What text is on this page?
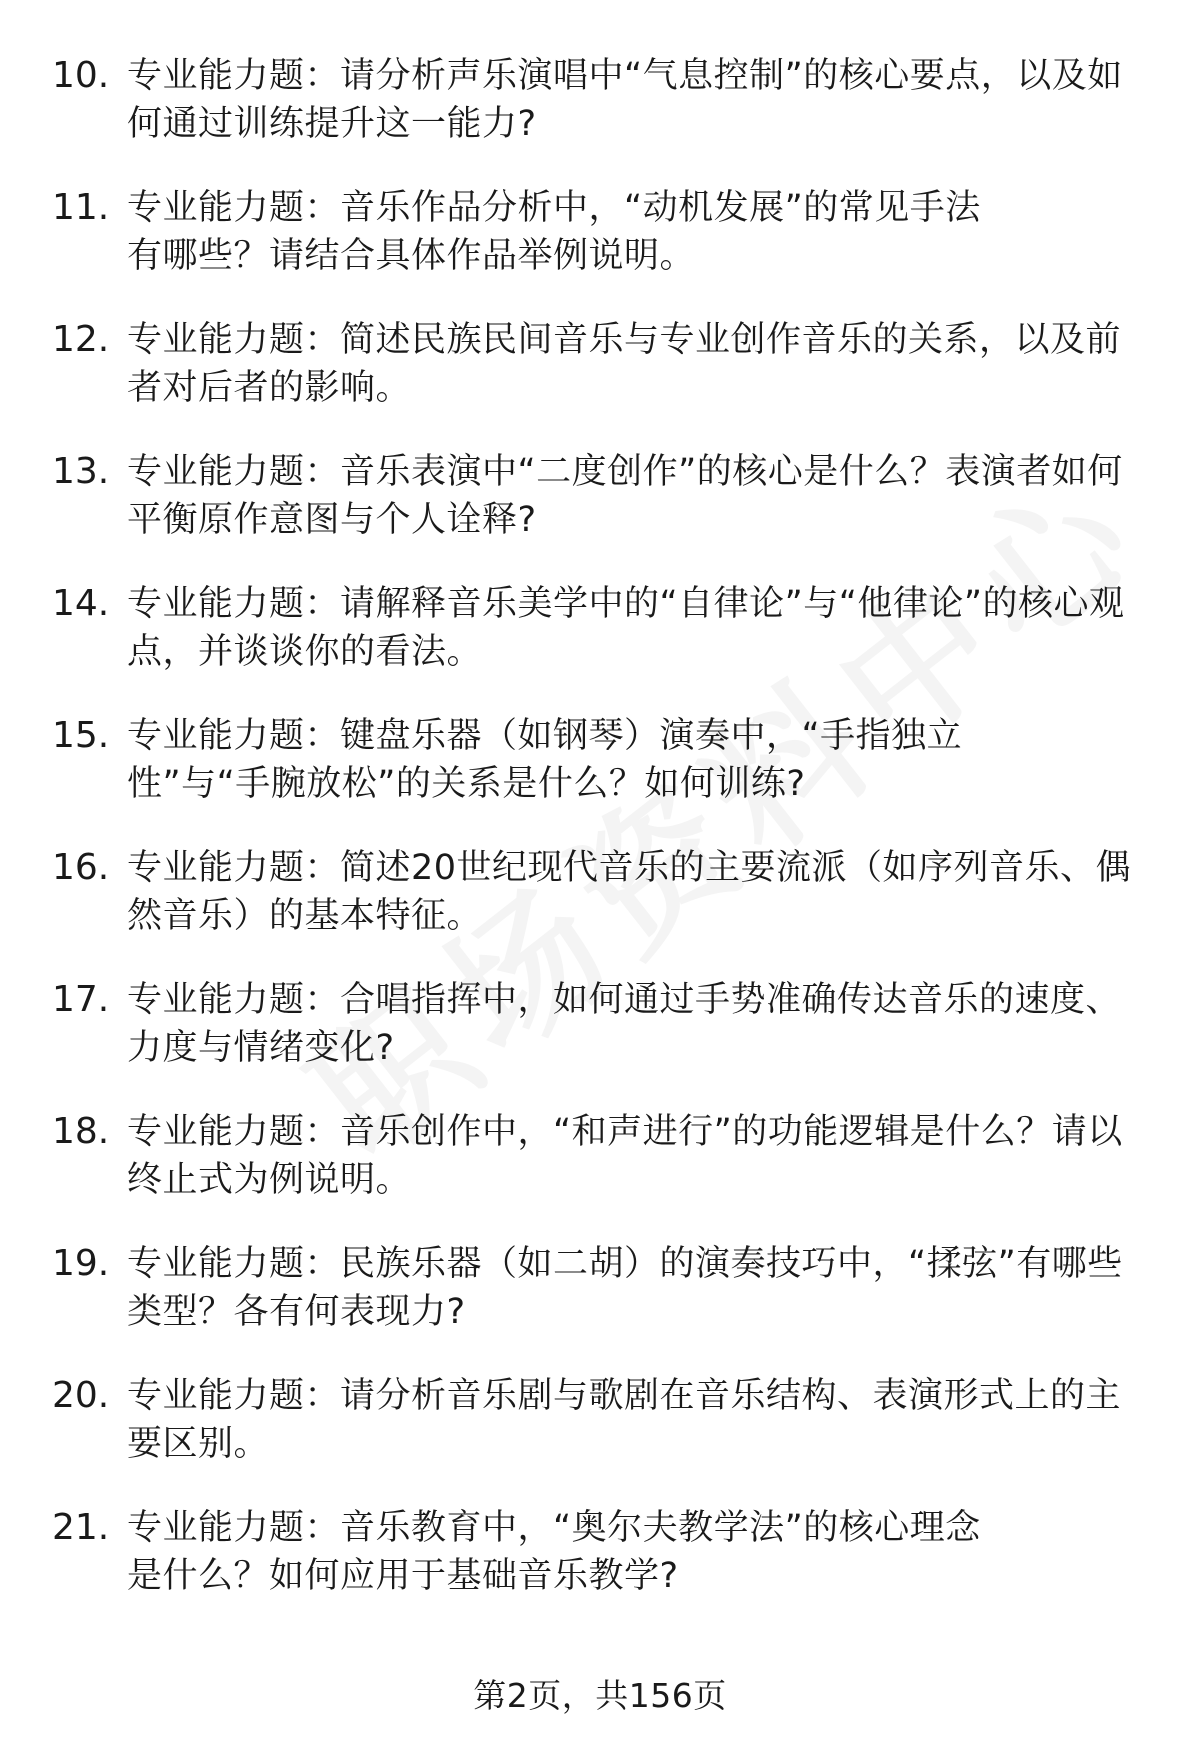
10. 专业能力题：请分析声乐演唱中“气息控制”的核心要点，以及如何通过训练提升这一能力?
11. 专业能力题：音乐作品分析中，“动机发展”的常见手法有哪些？请结合具体作品举例说明。
12. 专业能力题：简述民族民间音乐与专业创作音乐的关系，以及前者对后者的影响。
13. 专业能力题：音乐表演中“二度创作”的核心是什么？表演者如何平衡原作意图与个人诠释?
14. 专业能力题：请解释音乐美学中的“自律论”与“他律论”的核心观点，并谈谈你的看法。
15. 专业能力题：键盘乐器（如钢琴）演奏中，“手指独立性”与“手腕放松”的关系是什么？如何训练?
16. 专业能力题：简述20世纪现代音乐的主要流派（如序列音乐、偶然音乐）的基本特征。
17. 专业能力题：合唱指挥中，如何通过手势准确传达音乐的速度、力度与情绪变化?
18. 专业能力题：音乐创作中，“和声进行”的功能逻辑是什么？请以终止式为例说明。
19. 专业能力题：民族乐器（如二胡）的演奏技巧中，“揉弦”有哪些类型？各有何表现力?
20. 专业能力题：请分析音乐剧与歌剧在音乐结构、表演形式上的主要区别。
21. 专业能力题：音乐教育中，“奥尔夫教学法”的核心理念是什么？如何应用于基础音乐教学?
第2页，共156页
